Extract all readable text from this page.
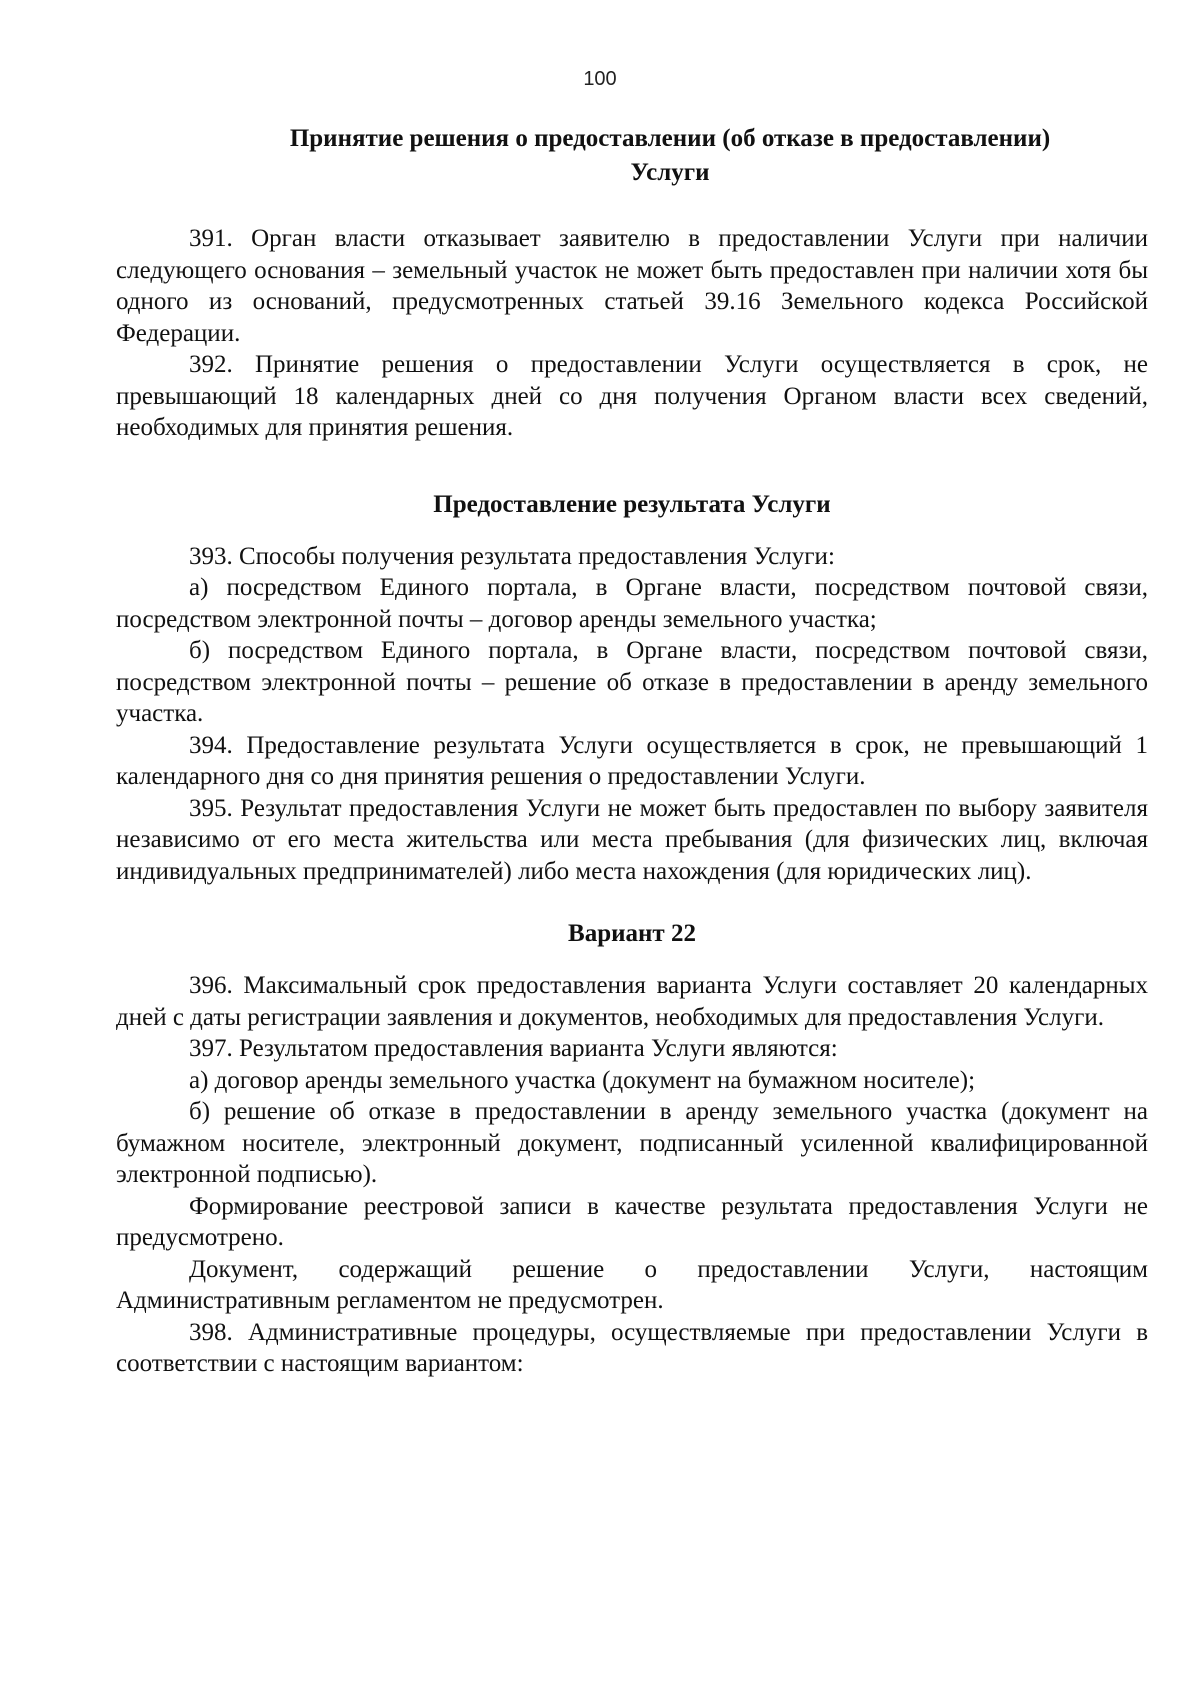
100
Принятие решения о предоставлении (об отказе в предоставлении)
Услуги

391. Орган власти отказывает заявителю в предоставлении Услуги при наличии следующего основания – земельный участок не может быть предоставлен при наличии хотя бы одного из оснований, предусмотренных статьей 39.16 Земельного кодекса Российской Федерации.

392. Принятие решения о предоставлении Услуги осуществляется в срок, не превышающий 18 календарных дней со дня получения Органом власти всех сведений, необходимых для принятия решения.

Предоставление результата Услуги

393. Способы получения результата предоставления Услуги:

а) посредством Единого портала, в Органе власти, посредством почтовой связи, посредством электронной почты – договор аренды земельного участка;

б) посредством Единого портала, в Органе власти, посредством почтовой связи, посредством электронной почты – решение об отказе в предоставлении в аренду земельного участка.

394. Предоставление результата Услуги осуществляется в срок, не превышающий 1 календарного дня со дня принятия решения о предоставлении Услуги.

395. Результат предоставления Услуги не может быть предоставлен по выбору заявителя независимо от его места жительства или места пребывания (для физических лиц, включая индивидуальных предпринимателей) либо места нахождения (для юридических лиц).

Вариант 22

396. Максимальный срок предоставления варианта Услуги составляет 20 календарных дней с даты регистрации заявления и документов, необходимых для предоставления Услуги.

397. Результатом предоставления варианта Услуги являются:

а) договор аренды земельного участка (документ на бумажном носителе);

б) решение об отказе в предоставлении в аренду земельного участка (документ на бумажном носителе, электронный документ, подписанный усиленной квалифицированной электронной подписью).

Формирование реестровой записи в качестве результата предоставления Услуги не предусмотрено.

Документ, содержащий решение о предоставлении Услуги, настоящим Административным регламентом не предусмотрен.

398. Административные процедуры, осуществляемые при предоставлении Услуги в соответствии с настоящим вариантом:
